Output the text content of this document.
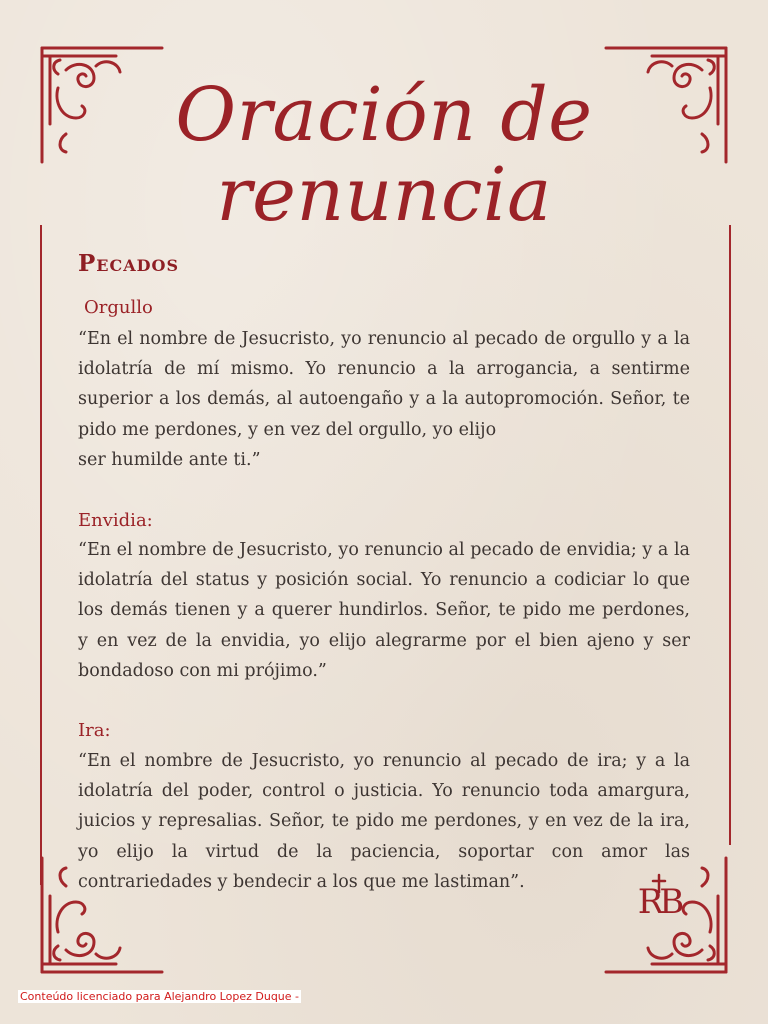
Oración de
renuncia
Pecados
Orgullo
“En el nombre de Jesucristo, yo renuncio al pecado de orgullo y a la
idolatría de mí mismo. Yo renuncio a la arrogancia, a sentirme
superior a los demás, al autoengaño y a la autopromoción. Señor, te
pido me perdones, y en vez del orgullo, yo elijo
ser humilde ante ti.”
Envidia:
“En el nombre de Jesucristo, yo renuncio al pecado de envidia; y a la
idolatría del status y posición social. Yo renuncio a codiciar lo que
los demás tienen y a querer hundirlos. Señor, te pido me perdones,
y en vez de la envidia, yo elijo alegrarme por el bien ajeno y ser
bondadoso con mi prójimo.”
Ira:
“En el nombre de Jesucristo, yo renuncio al pecado de ira; y a la
idolatría del poder, control o justicia. Yo renuncio toda amargura,
juicios y represalias. Señor, te pido me perdones, y en vez de la ira,
yo elijo la virtud de la paciencia, soportar con amor las
contrariedades y bendecir a los que me lastiman”.
RB
Conteúdo licenciado para Alejandro Lopez Duque -
